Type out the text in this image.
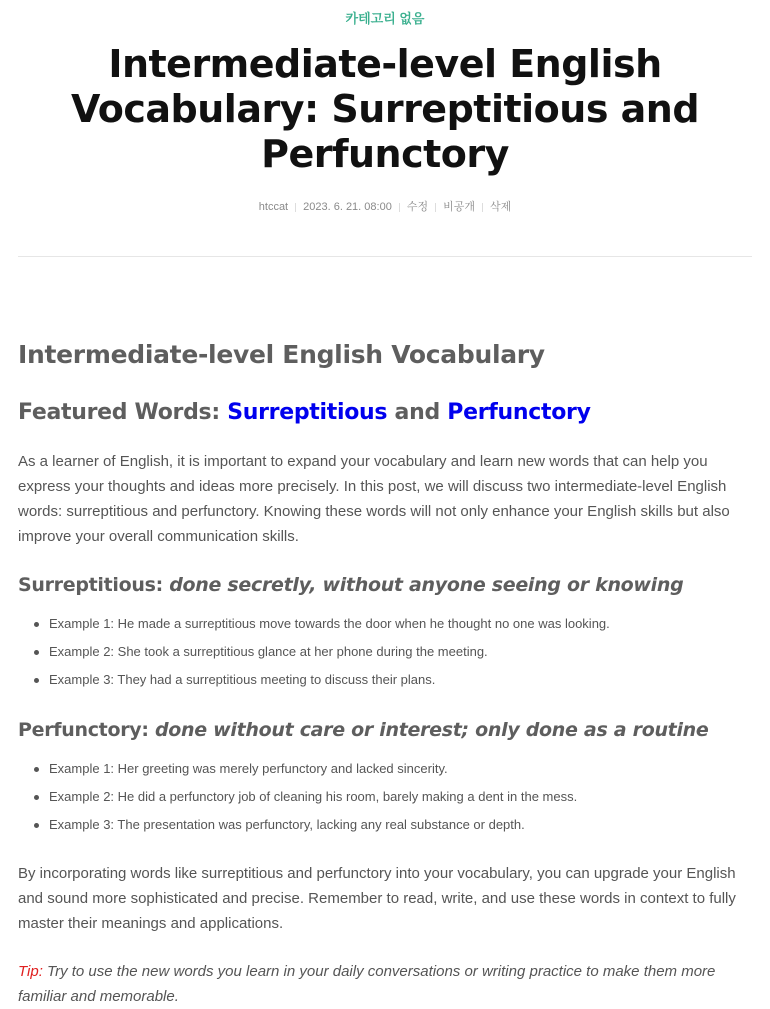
카테고리 없음
Intermediate-level English Vocabulary: Surreptitious and Perfunctory
htccat 2023. 6. 21. 08:00 수정 비공개 삭제
Intermediate-level English Vocabulary
Featured Words: Surreptitious and Perfunctory

As a learner of English, it is important to expand your vocabulary and learn new words that can help you express your thoughts and ideas more precisely. In this post, we will discuss two intermediate-level English words: surreptitious and perfunctory. Knowing these words will not only enhance your English skills but also improve your overall communication skills.

Surreptitious: done secretly, without anyone seeing or knowing
Example 1: He made a surreptitious move towards the door when he thought no one was looking.
Example 2: She took a surreptitious glance at her phone during the meeting.
Example 3: They had a surreptitious meeting to discuss their plans.
Perfunctory: done without care or interest; only done as a routine
Example 1: Her greeting was merely perfunctory and lacked sincerity.
Example 2: He did a perfunctory job of cleaning his room, barely making a dent in the mess.
Example 3: The presentation was perfunctory, lacking any real substance or depth.

By incorporating words like surreptitious and perfunctory into your vocabulary, you can upgrade your English and sound more sophisticated and precise. Remember to read, write, and use these words in context to fully master their meanings and applications.

Tip: Try to use the new words you learn in your daily conversations or writing practice to make them more familiar and memorable.
